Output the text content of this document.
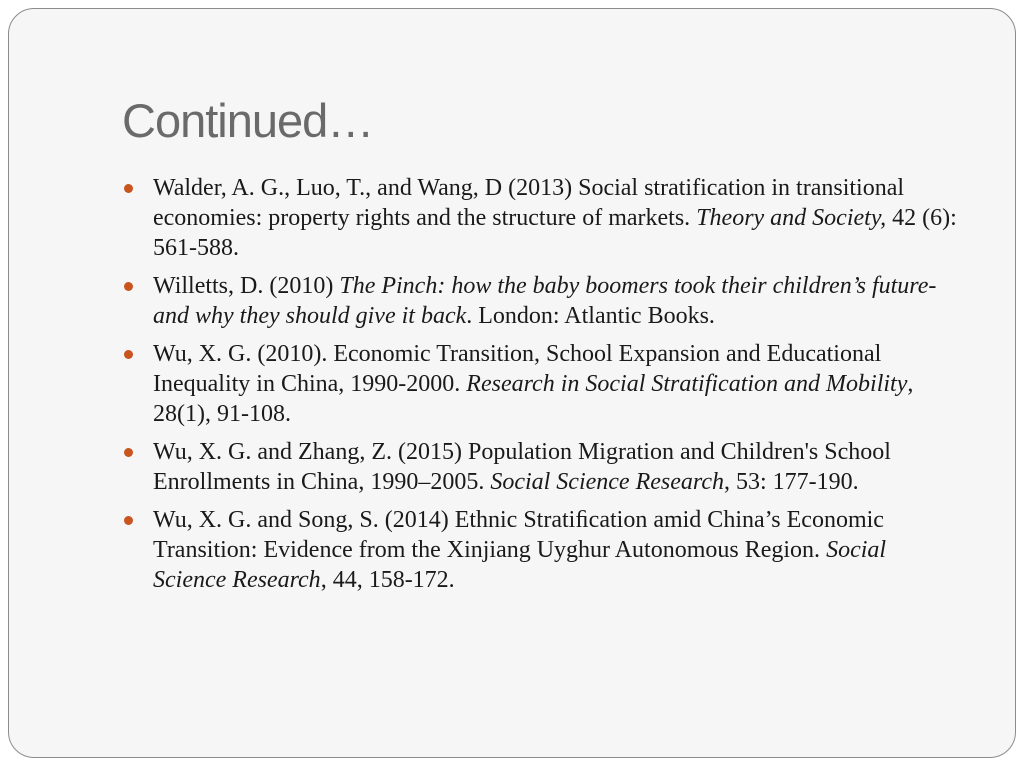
Continued…
Walder, A. G., Luo, T., and Wang, D (2013) Social stratification in transitional economies: property rights and the structure of markets. Theory and Society, 42 (6): 561-588.
Willetts, D. (2010) The Pinch: how the baby boomers took their children’s future-and why they should give it back. London: Atlantic Books.
Wu, X. G. (2010). Economic Transition, School Expansion and Educational Inequality in China, 1990-2000. Research in Social Stratification and Mobility, 28(1), 91-108.
Wu, X. G. and Zhang, Z. (2015) Population Migration and Children's School Enrollments in China, 1990–2005. Social Science Research, 53: 177-190.
Wu, X. G. and Song, S. (2014) Ethnic Stratiﬁcation amid China’s Economic Transition: Evidence from the Xinjiang Uyghur Autonomous Region. Social Science Research, 44, 158-172.
